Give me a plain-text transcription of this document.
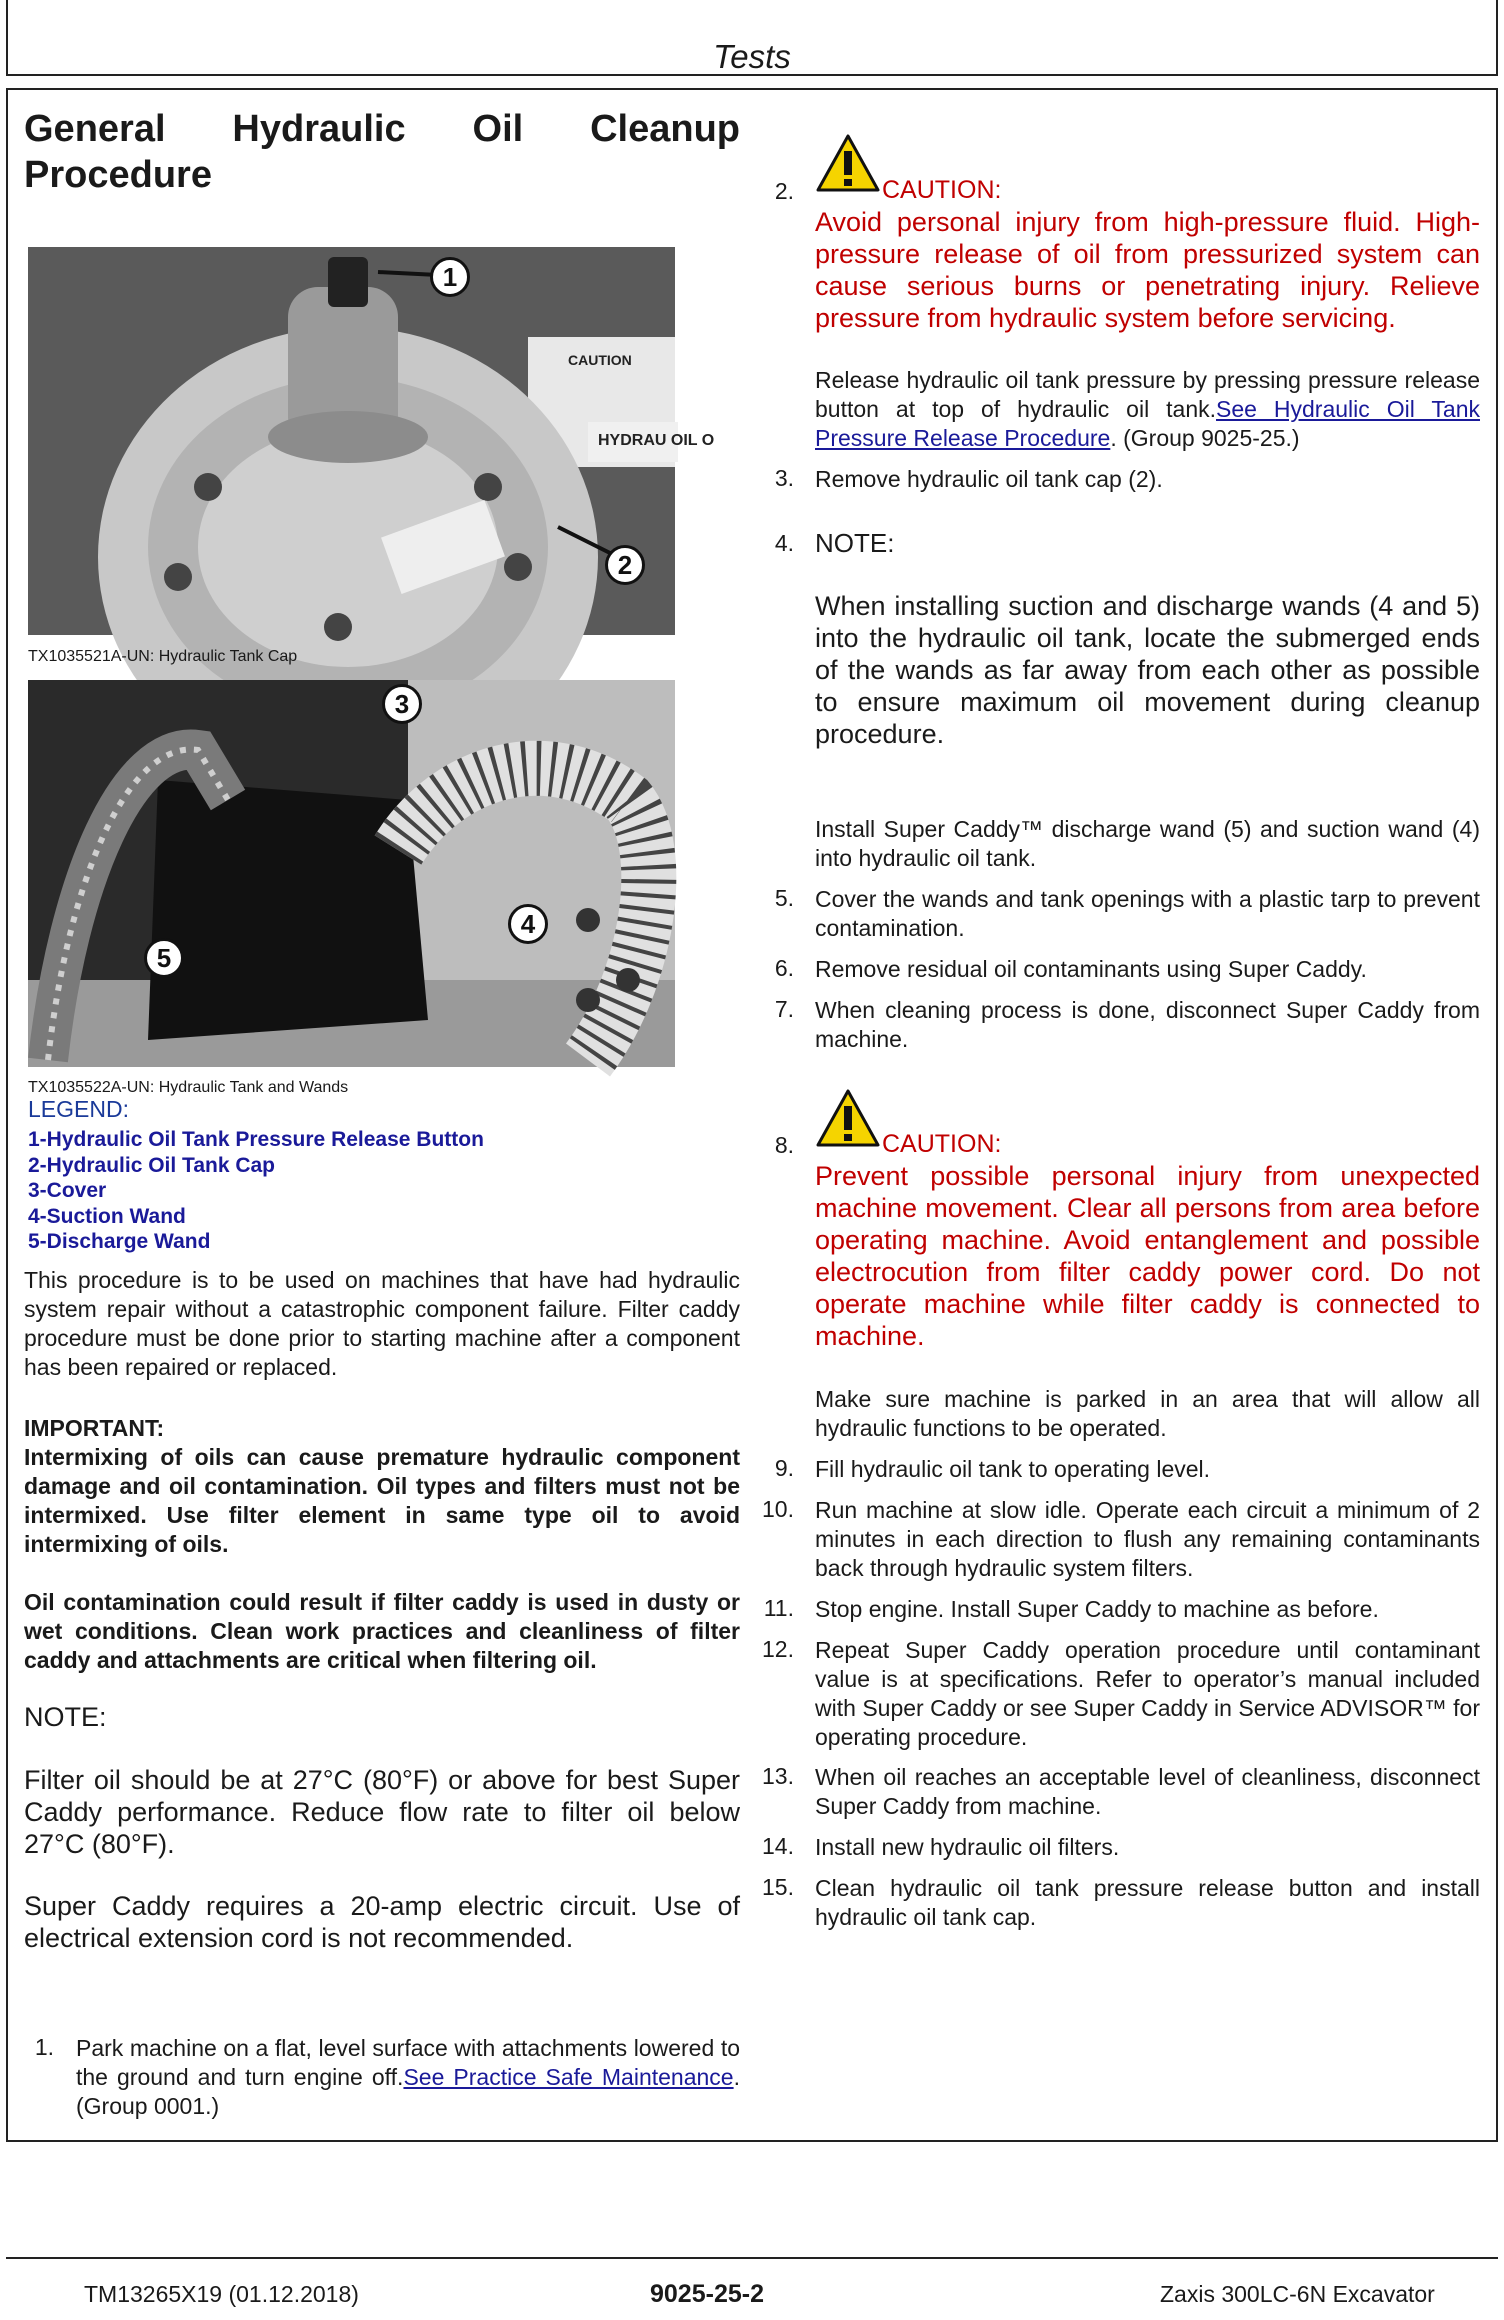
Tests
General Hydraulic Oil Cleanup
Procedure
CAUTION
HYDRAU OIL O
1
2
TX1035521A-UN: Hydraulic Tank Cap
3
4
5
TX1035522A-UN: Hydraulic Tank and Wands
LEGEND:
1-Hydraulic Oil Tank Pressure Release Button
2-Hydraulic Oil Tank Cap
3-Cover
4-Suction Wand
5-Discharge Wand
This procedure is to be used on machines that have had hydraulic system repair without a catastrophic component failure. Filter caddy procedure must be done prior to starting machine after a component has been repaired or replaced.
IMPORTANT:
Intermixing of oils can cause premature hydraulic component damage and oil contamination. Oil types and filters must not be intermixed. Use filter element in same type oil to avoid intermixing of oils.
Oil contamination could result if filter caddy is used in dusty or wet conditions. Clean work practices and cleanliness of filter caddy and attachments are critical when filtering oil.
NOTE:
Filter oil should be at 27°C (80°F) or above for best Super Caddy performance. Reduce flow rate to filter oil below 27°C (80°F).
Super Caddy requires a 20-amp electric circuit. Use of electrical extension cord is not recommended.
1. Park machine on a flat, level surface with attachments lowered to the ground and turn engine off.See Practice Safe Maintenance. (Group 0001.)
2.	CAUTION:
Avoid personal injury from high-pressure fluid. High-pressure release of oil from pressurized system can cause serious burns or penetrating injury. Relieve pressure from hydraulic system before servicing.
Release hydraulic oil tank pressure by pressing pressure release button at top of hydraulic oil tank.See Hydraulic Oil Tank Pressure Release Procedure. (Group 9025-25.)
3. Remove hydraulic oil tank cap (2).
4. NOTE:
When installing suction and discharge wands (4 and 5) into the hydraulic oil tank, locate the submerged ends of the wands as far away from each other as possible to ensure maximum oil movement during cleanup procedure.
Install Super Caddy™ discharge wand (5) and suction wand (4) into hydraulic oil tank.
5. Cover the wands and tank openings with a plastic tarp to prevent contamination.
6. Remove residual oil contaminants using Super Caddy.
7. When cleaning process is done, disconnect Super Caddy from machine.
8.	CAUTION:
Prevent possible personal injury from unexpected machine movement. Clear all persons from area before operating machine. Avoid entanglement and possible electrocution from filter caddy power cord. Do not operate machine while filter caddy is connected to machine.
Make sure machine is parked in an area that will allow all hydraulic functions to be operated.
9. Fill hydraulic oil tank to operating level.
10. Run machine at slow idle. Operate each circuit a minimum of 2 minutes in each direction to flush any remaining contaminants back through hydraulic system filters.
11. Stop engine. Install Super Caddy to machine as before.
12. Repeat Super Caddy operation procedure until contaminant value is at specifications. Refer to operator’s manual included with Super Caddy or see Super Caddy in Service ADVISOR™ for operating procedure.
13. When oil reaches an acceptable level of cleanliness, disconnect Super Caddy from machine.
14. Install new hydraulic oil filters.
15. Clean hydraulic oil tank pressure release button and install hydraulic oil tank cap.
TM13265X19 (01.12.2018)	9025-25-2	Zaxis 300LC-6N Excavator
